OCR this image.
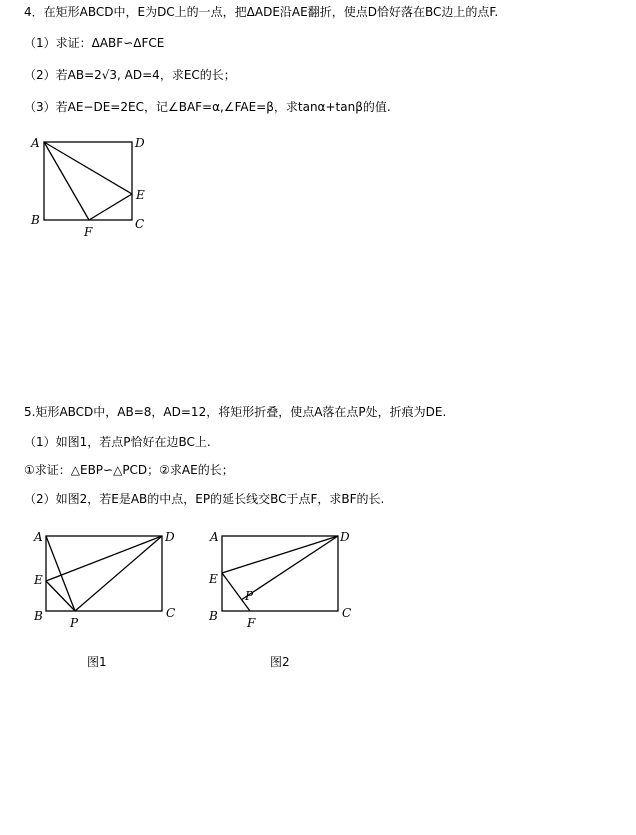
4．在矩形ABCD中，E为DC上的一点，把ΔADE沿AE翻折，使点D恰好落在BC边上的点F.
（1）求证：ΔABF∽ΔFCE
（2）若AB=2√3, AD=4，求EC的长；
（3）若AE−DE=2EC，记∠BAF=α,∠FAE=β，求tanα+tanβ的值.
A	D
E
B	C
F
A	D
E
B	C
P
A	D
E
P
B	C
F
5.矩形ABCD中，AB=8，AD=12，将矩形折叠，使点A落在点P处，折痕为DE.
（1）如图1，若点P恰好在边BC上.
①求证：△EBP∽△PCD；②求AE的长；
（2）如图2，若E是AB的中点，EP的延长线交BC于点F，求BF的长.
图1	图2
